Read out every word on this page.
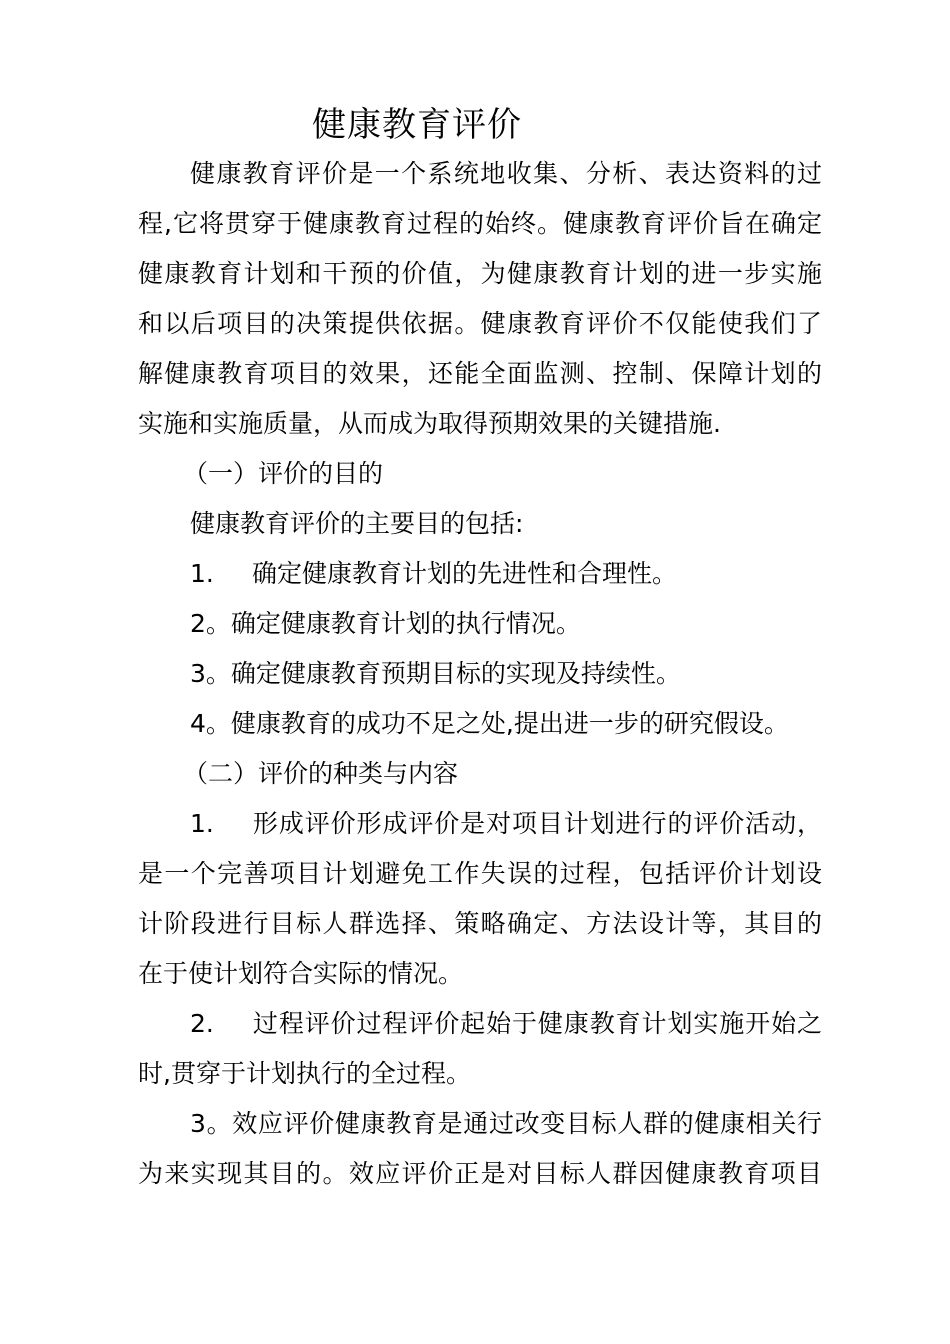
健康教育评价
健康教育评价是一个系统地收集、分析、表达资料的过
程,它将贯穿于健康教育过程的始终。健康教育评价旨在确定
健康教育计划和干预的价值，为健康教育计划的进一步实施
和以后项目的决策提供依据。健康教育评价不仅能使我们了
解健康教育项目的效果，还能全面监测、控制、保障计划的
实施和实施质量，从而成为取得预期效果的关键措施.
（一）评价的目的
健康教育评价的主要目的包括:
1. 确定健康教育计划的先进性和合理性。
2。确定健康教育计划的执行情况。
3。确定健康教育预期目标的实现及持续性。
4。健康教育的成功不足之处,提出进一步的研究假设。
（二）评价的种类与内容
1. 形成评价形成评价是对项目计划进行的评价活动，
是一个完善项目计划避免工作失误的过程，包括评价计划设
计阶段进行目标人群选择、策略确定、方法设计等，其目的
在于使计划符合实际的情况。
2. 过程评价过程评价起始于健康教育计划实施开始之
时,贯穿于计划执行的全过程。
3。效应评价健康教育是通过改变目标人群的健康相关行
为来实现其目的。效应评价正是对目标人群因健康教育项目
